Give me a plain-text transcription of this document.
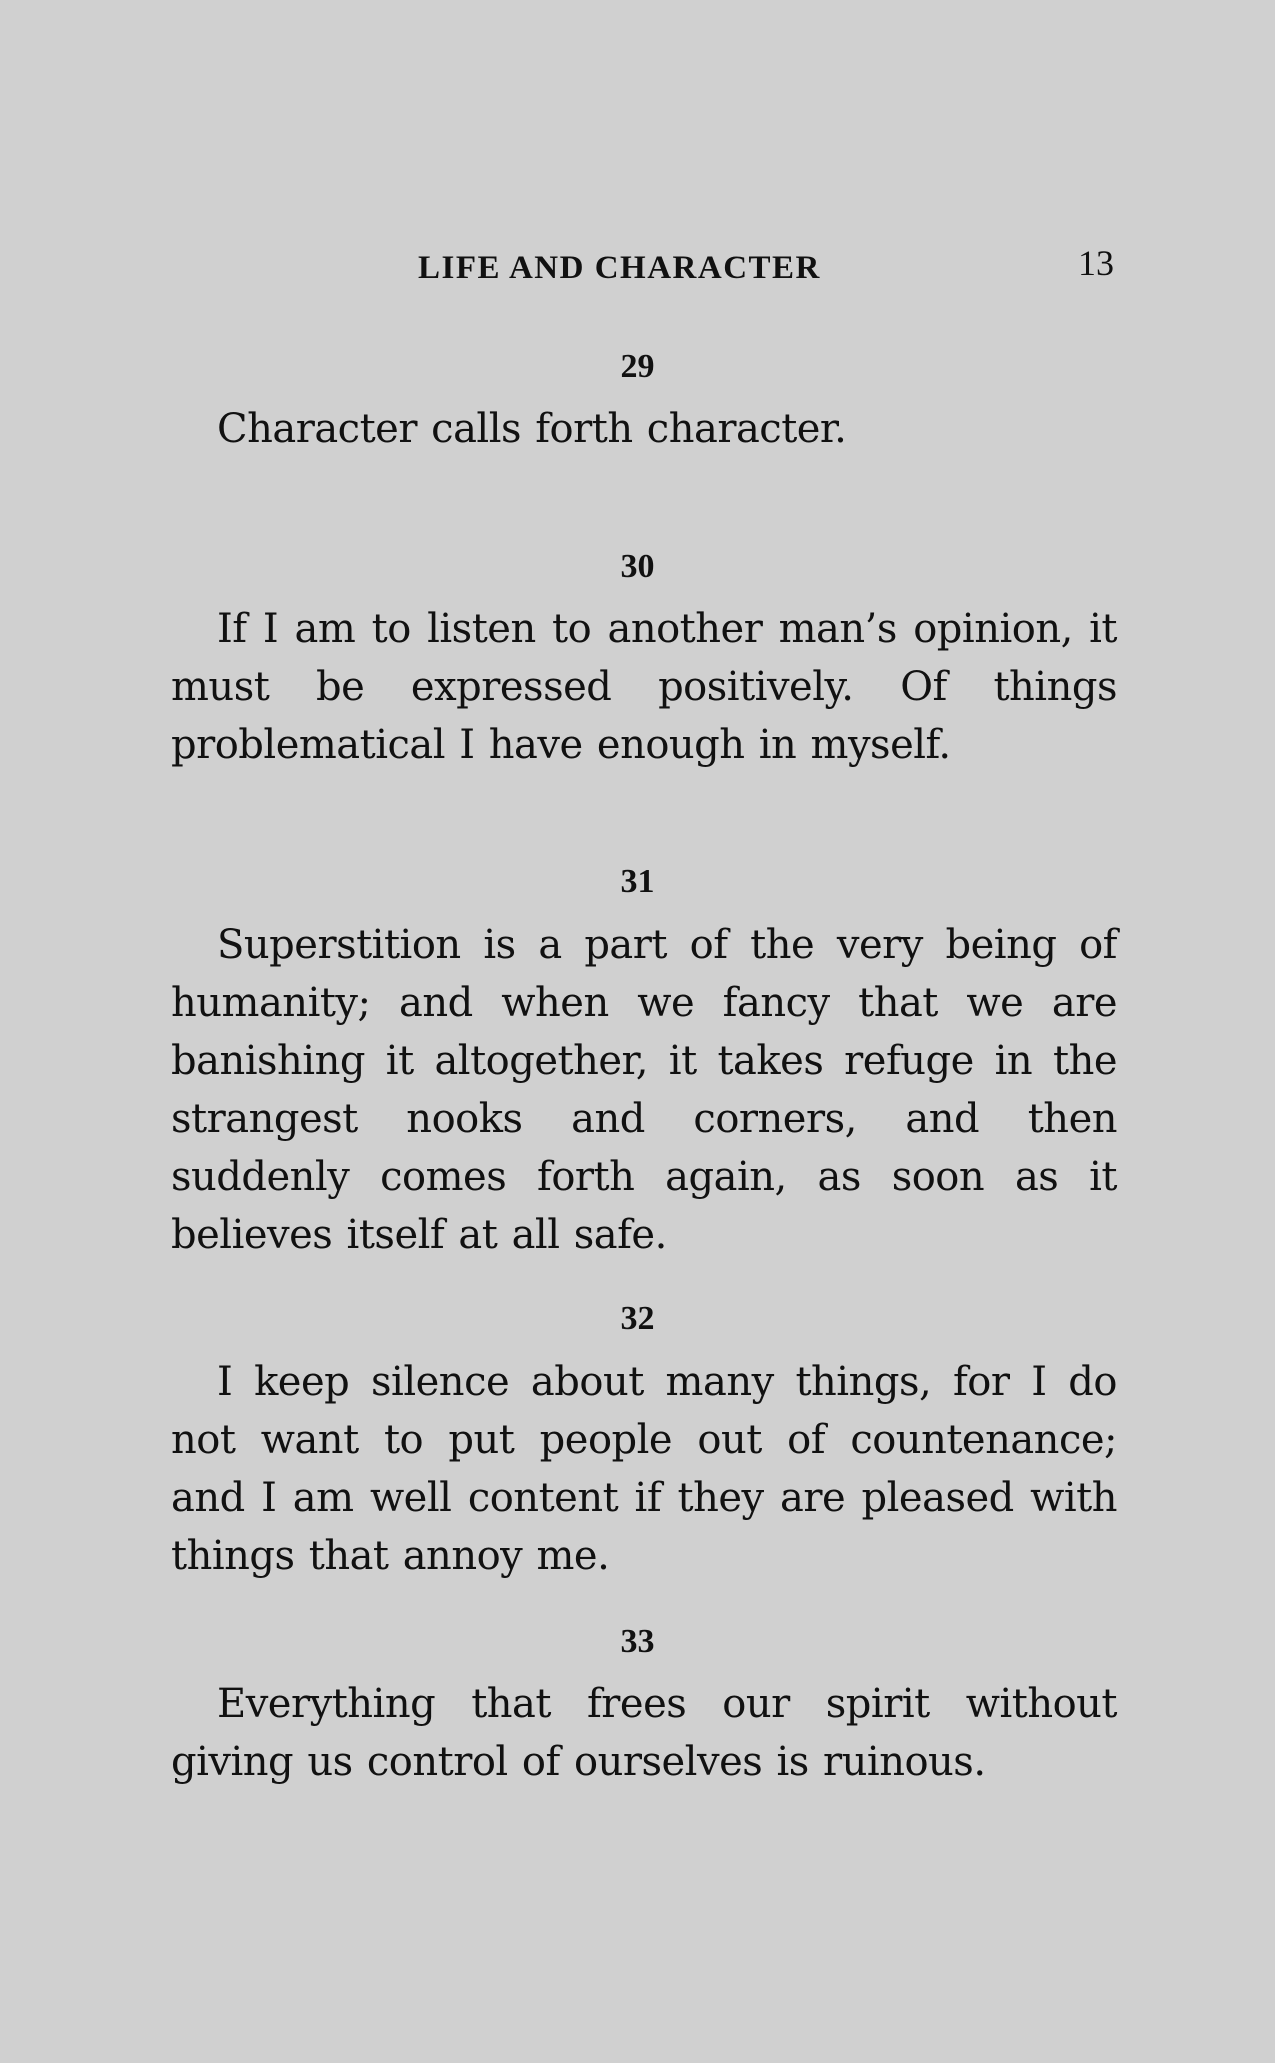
LIFE AND CHARACTER	13
29

Character calls forth character.

30

If I am to listen to another man’s opinion, it must be expressed positively. Of things problematical I have enough in myself.

31

Superstition is a part of the very being of humanity; and when we fancy that we are banishing it altogether, it takes refuge in the strangest nooks and corners, and then suddenly comes forth again, as soon as it believes itself at all safe.

32

I keep silence about many things, for I do not want to put people out of countenance; and I am well content if they are pleased with things that annoy me.

33

Everything that frees our spirit without giving us control of ourselves is ruinous.
